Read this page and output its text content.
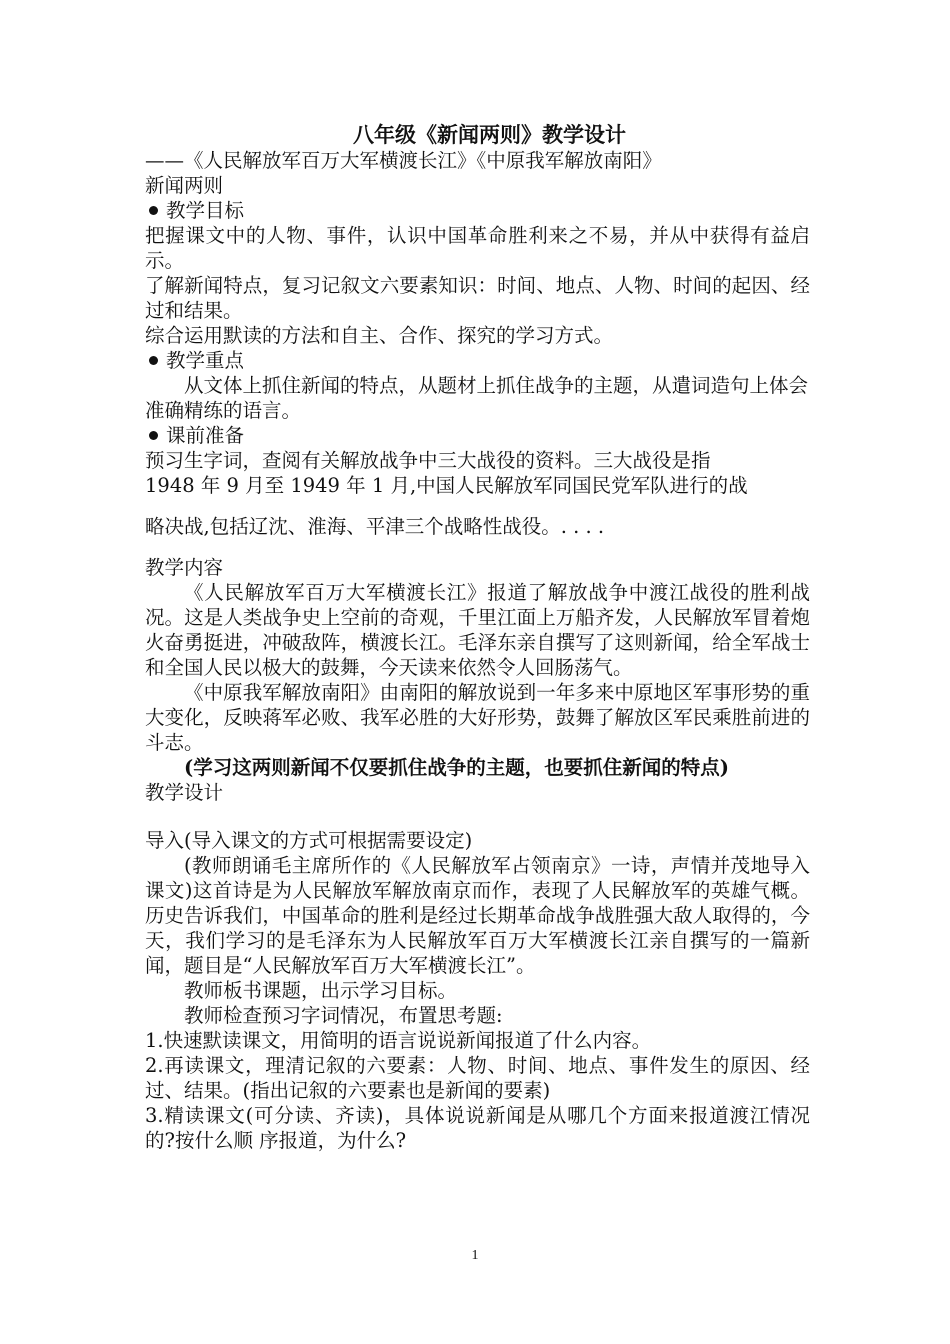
八年级《新闻两则》教学设计
——《人民解放军百万大军横渡长江》《中原我军解放南阳》
新闻两则
教学目标
把握课文中的人物、事件，认识中国革命胜利来之不易，并从中获得有益启示。
了解新闻特点，复习记叙文六要素知识：时间、地点、人物、时间的起因、经过和结果。
综合运用默读的方法和自主、合作、探究的学习方式。
教学重点
从文体上抓住新闻的特点，从题材上抓住战争的主题，从遣词造句上体会
准确精练的语言。
课前准备
预习生字词，查阅有关解放战争中三大战役的资料。三大战役是指
1948 年 9 月至 1949 年 1 月,中国人民解放军同国民党军队进行的战
略决战,包括辽沈、淮海、平津三个战略性战役。. . . .
教学内容
《人民解放军百万大军横渡长江》报道了解放战争中渡江战役的胜利战况。这是人类战争史上空前的奇观，千里江面上万船齐发，人民解放军冒着炮火奋勇挺进，冲破敌阵，横渡长江。毛泽东亲自撰写了这则新闻，给全军战士和全国人民以极大的鼓舞，今天读来依然令人回肠荡气。
《中原我军解放南阳》由南阳的解放说到一年多来中原地区军事形势的重大变化，反映蒋军必败、我军必胜的大好形势，鼓舞了解放区军民乘胜前进的斗志。
(学习这两则新闻不仅要抓住战争的主题，也要抓住新闻的特点)
教学设计
导入(导入课文的方式可根据需要设定)
(教师朗诵毛主席所作的《人民解放军占领南京》一诗，声情并茂地导入课文)这首诗是为人民解放军解放南京而作，表现了人民解放军的英雄气概。历史告诉我们，中国革命的胜利是经过长期革命战争战胜强大敌人取得的，今天，我们学习的是毛泽东为人民解放军百万大军横渡长江亲自撰写的一篇新闻，题目是“人民解放军百万大军横渡长江”。
教师板书课题，出示学习目标。
教师检查预习字词情况，布置思考题:
1.快速默读课文，用简明的语言说说新闻报道了什么内容。
2.再读课文，理清记叙的六要素：人物、时间、地点、事件发生的原因、经过、结果。(指出记叙的六要素也是新闻的要素)
3.精读课文(可分读、齐读)，具体说说新闻是从哪几个方面来报道渡江情况的?按什么顺 序报道，为什么?
1
